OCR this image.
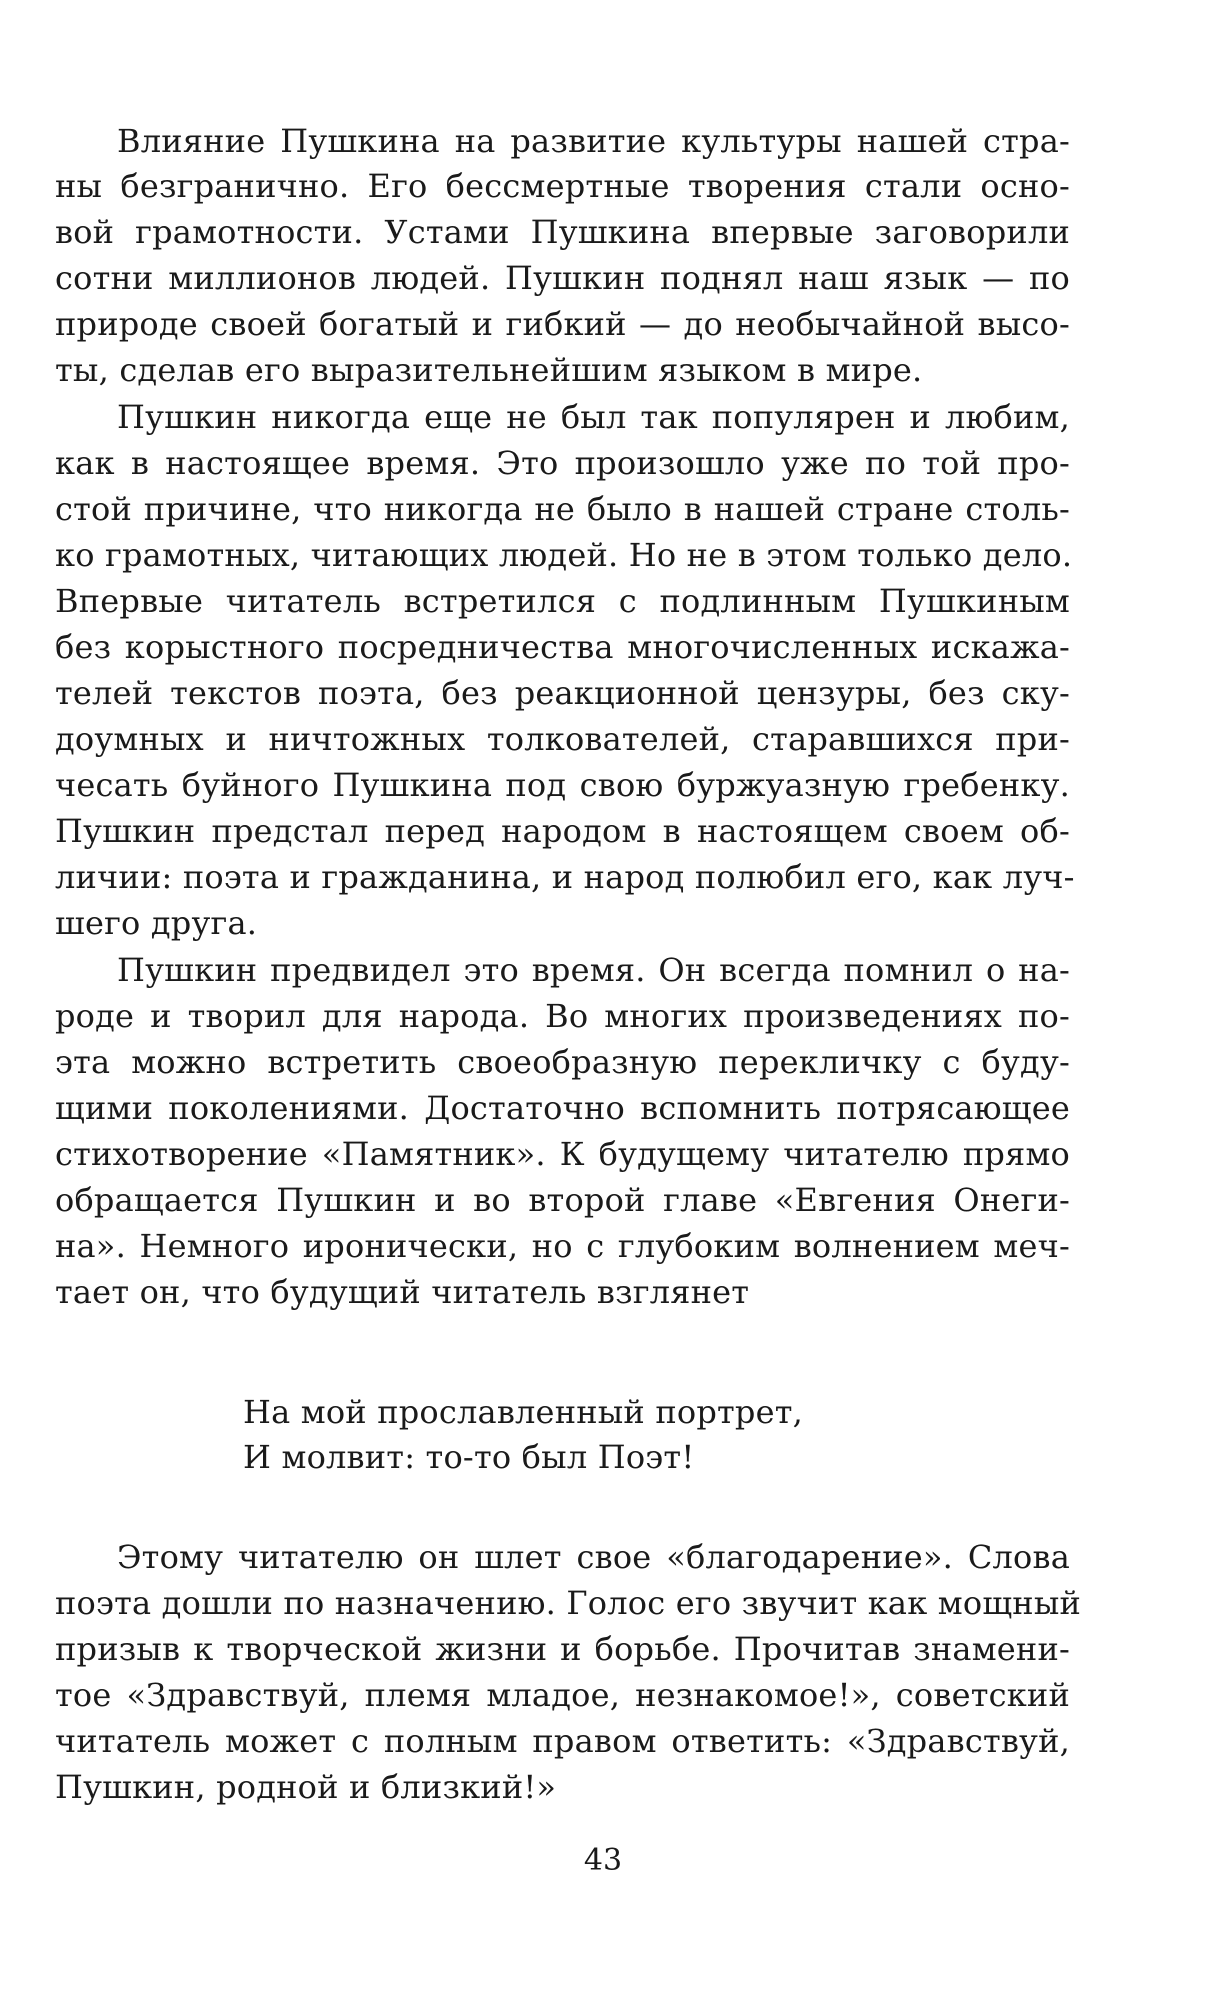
Влияние Пушкина на развитие культуры нашей стра-
ны безгранично. Его бессмертные творения стали осно-
вой грамотности. Устами Пушкина впервые заговорили
сотни миллионов людей. Пушкин поднял наш язык — по
природе своей богатый и гибкий — до необычайной высо-
ты, сделав его выразительнейшим языком в мире.
Пушкин никогда еще не был так популярен и любим,
как в настоящее время. Это произошло уже по той про-
стой причине, что никогда не было в нашей стране столь-
ко грамотных, читающих людей. Но не в этом только дело.
Впервые читатель встретился с подлинным Пушкиным
без корыстного посредничества многочисленных искажа-
телей текстов поэта, без реакционной цензуры, без ску-
доумных и ничтожных толкователей, старавшихся при-
чесать буйного Пушкина под свою буржуазную гребенку.
Пушкин предстал перед народом в настоящем своем об-
личии: поэта и гражданина, и народ полюбил его, как луч-
шего друга.
Пушкин предвидел это время. Он всегда помнил о на-
роде и творил для народа. Во многих произведениях по-
эта можно встретить своеобразную перекличку с буду-
щими поколениями. Достаточно вспомнить потрясающее
стихотворение «Памятник». К будущему читателю прямо
обращается Пушкин и во второй главе «Евгения Онеги-
на». Немного иронически, но с глубоким волнением меч-
тает он, что будущий читатель взглянет
На мой прославленный портрет,
И молвит: то-то был Поэт!
Этому читателю он шлет свое «благодарение». Слова
поэта дошли по назначению. Голос его звучит как мощный
призыв к творческой жизни и борьбе. Прочитав знамени-
тое «Здравствуй, племя младое, незнакомое!», советский
читатель может с полным правом ответить: «Здравствуй,
Пушкин, родной и близкий!»
43
